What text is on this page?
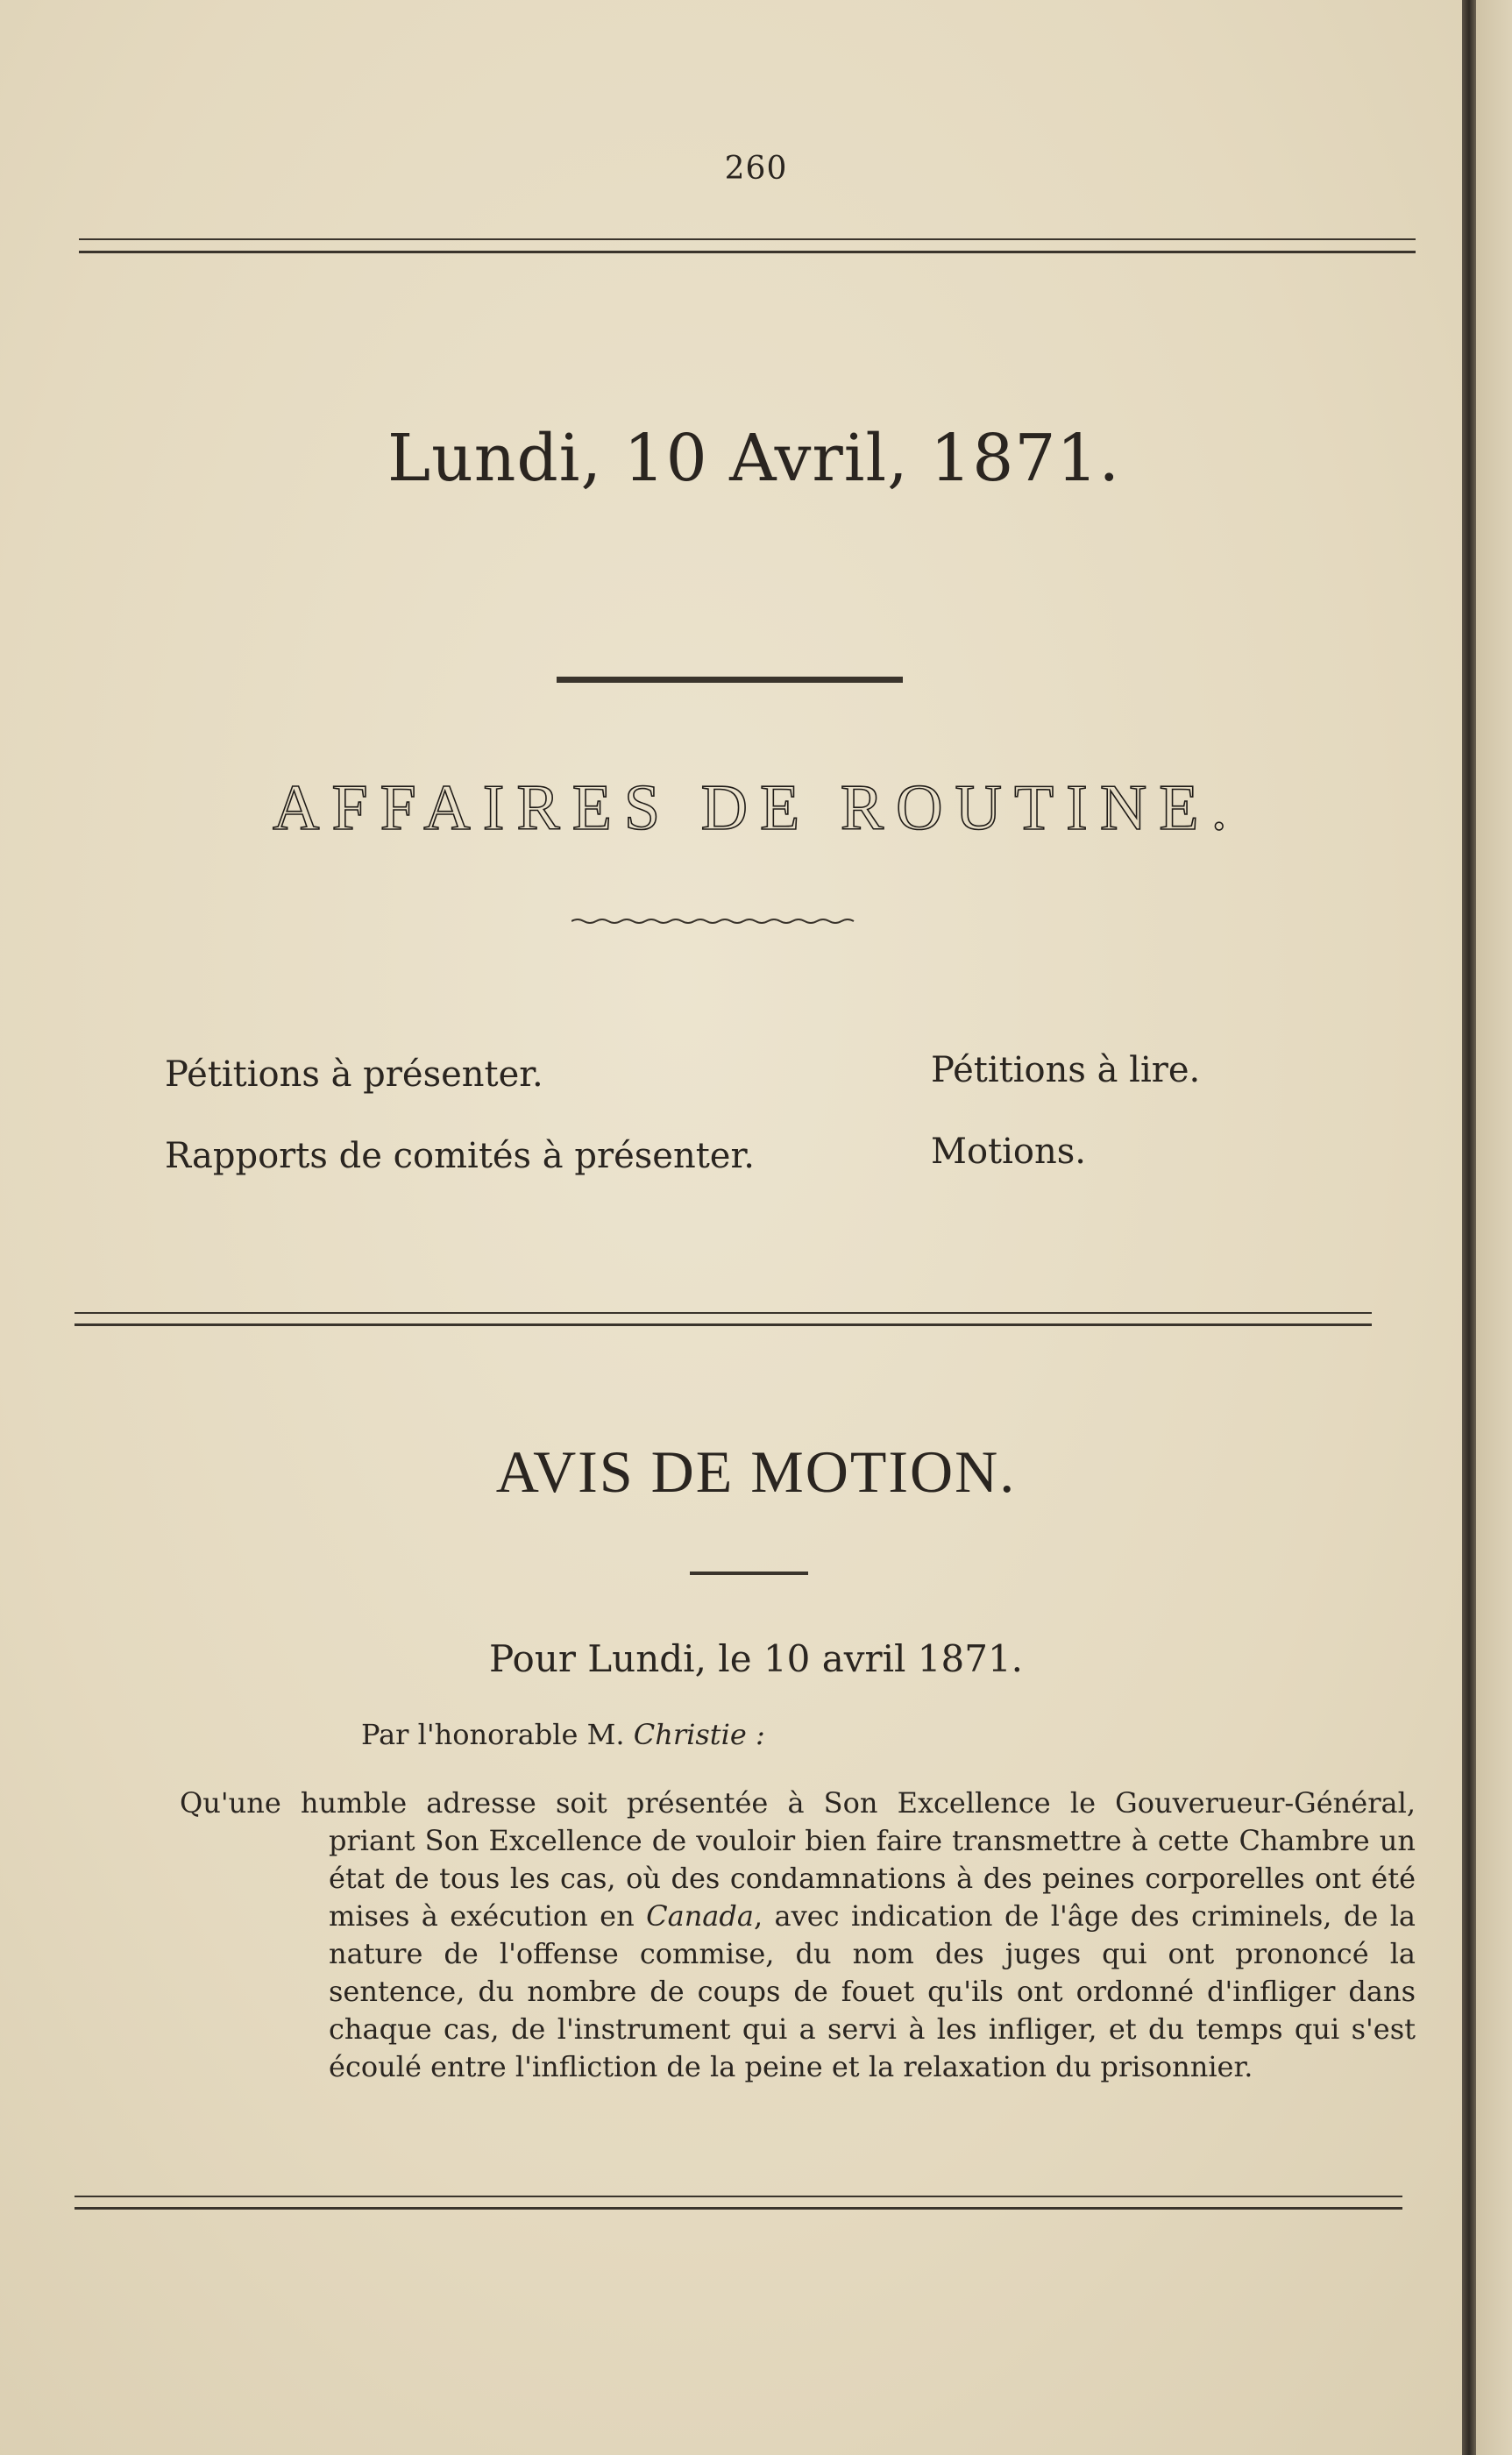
260
Lundi, 10 Avril, 1871.
AFFAIRES DE ROUTINE.
Pétitions à présenter.	Pétitions à lire.
Rapports de comités à présenter.	Motions.
AVIS DE MOTION.
Pour Lundi, le 10 avril 1871.
Par l'honorable M. Christie :

Qu'une humble adresse soit présentée à Son Excellence le Gouverueur-Général, priant Son Excellence de vouloir bien faire transmettre à cette Chambre un état de tous les cas, où des condamnations à des peines corporelles ont été mises à exécution en Canada, avec indication de l'âge des criminels, de la nature de l'offense commise, du nom des juges qui ont prononcé la sentence, du nombre de coups de fouet qu'ils ont ordonné d'infliger dans chaque cas, de l'instrument qui a servi à les infliger, et du temps qui s'est écoulé entre l'infliction de la peine et la relaxation du prisonnier.
